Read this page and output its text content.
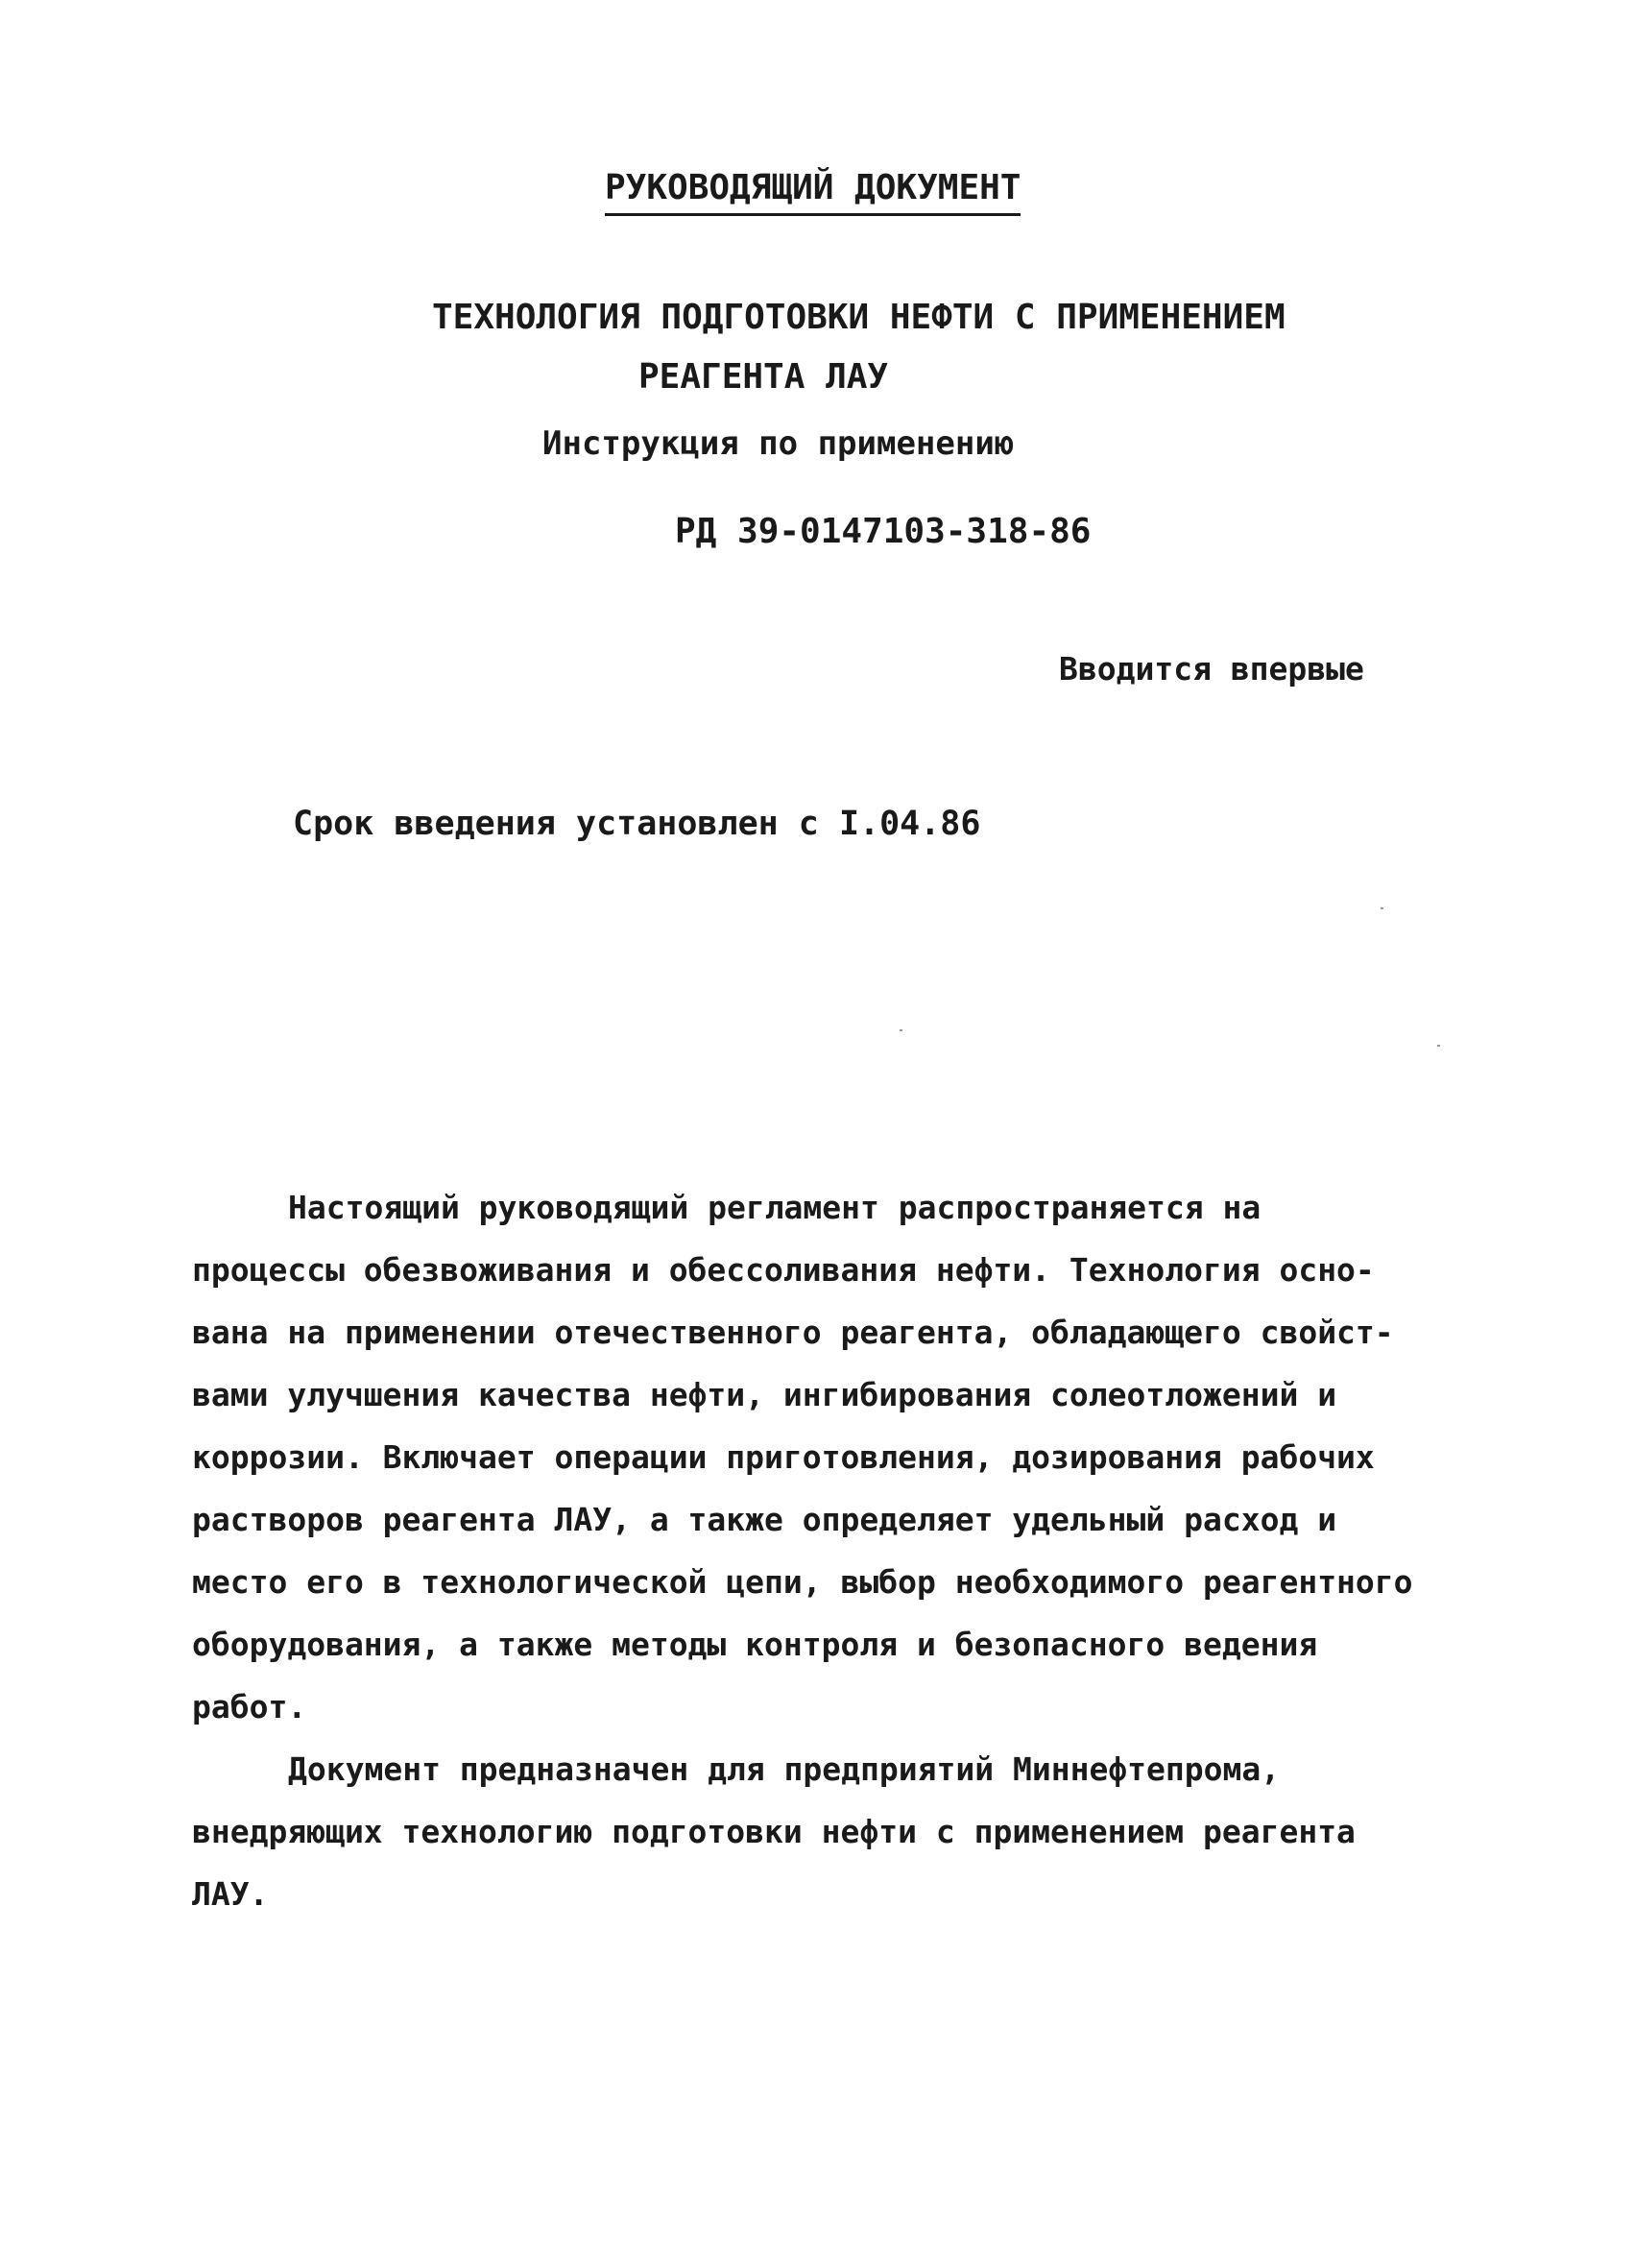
РУКОВОДЯЩИЙ ДОКУМЕНТ
ТЕХНОЛОГИЯ ПОДГОТОВКИ НЕФТИ С ПРИМЕНЕНИЕМ
РЕАГЕНТА ЛАУ
Инструкция по применению
РД 39-0147103-318-86
Вводится впервые
Срок введения установлен с I.04.86
Настоящий руководящий регламент распространяется на
процесcы обезвоживания и обессоливания нефти. Технология осно-
вана на применении отечественного реагента, обладающего свойст-
вами улучшения качества нефти, ингибирования солеотложений и
коррозии. Включает операции приготовления, дозирования рабочих
растворов реагента ЛАУ, а также определяет удельный расход и
место его в технологической цепи, выбор необходимого реагентного
оборудования, а также методы контроля и безопасного ведения
работ.
Документ предназначен для предприятий Миннефтепрома,
внедряющих технологию подготовки нефти с применением реагента
ЛАУ.
